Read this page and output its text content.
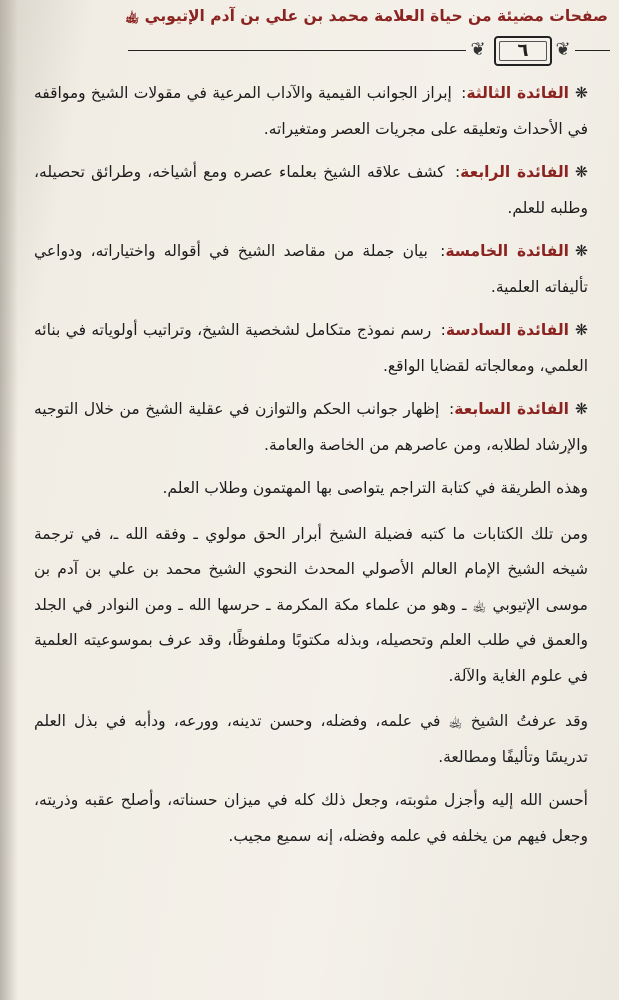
صفحات مضيئة من حياة العلامة محمد بن علي بن آدم الإتيوبي ﵀
❦	٦	❦

❋الفائدة الثالثة: إبراز الجوانب القيمية والآداب المرعية في مقولات الشيخ ومواقفه في الأحداث وتعليقه على مجريات العصر ومتغيراته.

❋الفائدة الرابعة: كشف علاقه الشيخ بعلماء عصره ومع أشياخه، وطرائق تحصيله، وطلبه للعلم.

❋الفائدة الخامسة: بيان جملة من مقاصد الشيخ في أقواله واختياراته، ودواعي تأليفاته العلمية.

❋الفائدة السادسة: رسم نموذج متكامل لشخصية الشيخ، وتراتيب أولوياته في بنائه العلمي، ومعالجاته لقضايا الواقع.

❋الفائدة السابعة: إظهار جوانب الحكم والتوازن في عقلية الشيخ من خلال التوجيه والإرشاد لطلابه، ومن عاصرهم من الخاصة والعامة.

وهذه الطريقة في كتابة التراجم يتواصى بها المهتمون وطلاب العلم.

ومن تلك الكتابات ما كتبه فضيلة الشيخ أبرار الحق مولوي ـ وفقه الله ـ، في ترجمة شيخه الشيخ الإمام العالم الأصولي المحدث النحوي الشيخ محمد بن علي بن آدم بن موسى الإتيوبي ﵀ ـ وهو من علماء مكة المكرمة ـ حرسها الله ـ ومن النوادر في الجلد والعمق في طلب العلم وتحصيله، وبذله مكتوبًا وملفوظًا، وقد عرف بموسوعيته العلمية في علوم الغاية والآلة.

وقد عرفتُ الشيخ ﵀ في علمه، وفضله، وحسن تدينه، وورعه، ودأبه في بذل العلم تدريسًا وتأليفًا ومطالعة.

أحسن الله إليه وأجزل مثوبته، وجعل ذلك كله في ميزان حسناته، وأصلح عقبه وذريته، وجعل فيهم من يخلفه في علمه وفضله، إنه سميع مجيب.
